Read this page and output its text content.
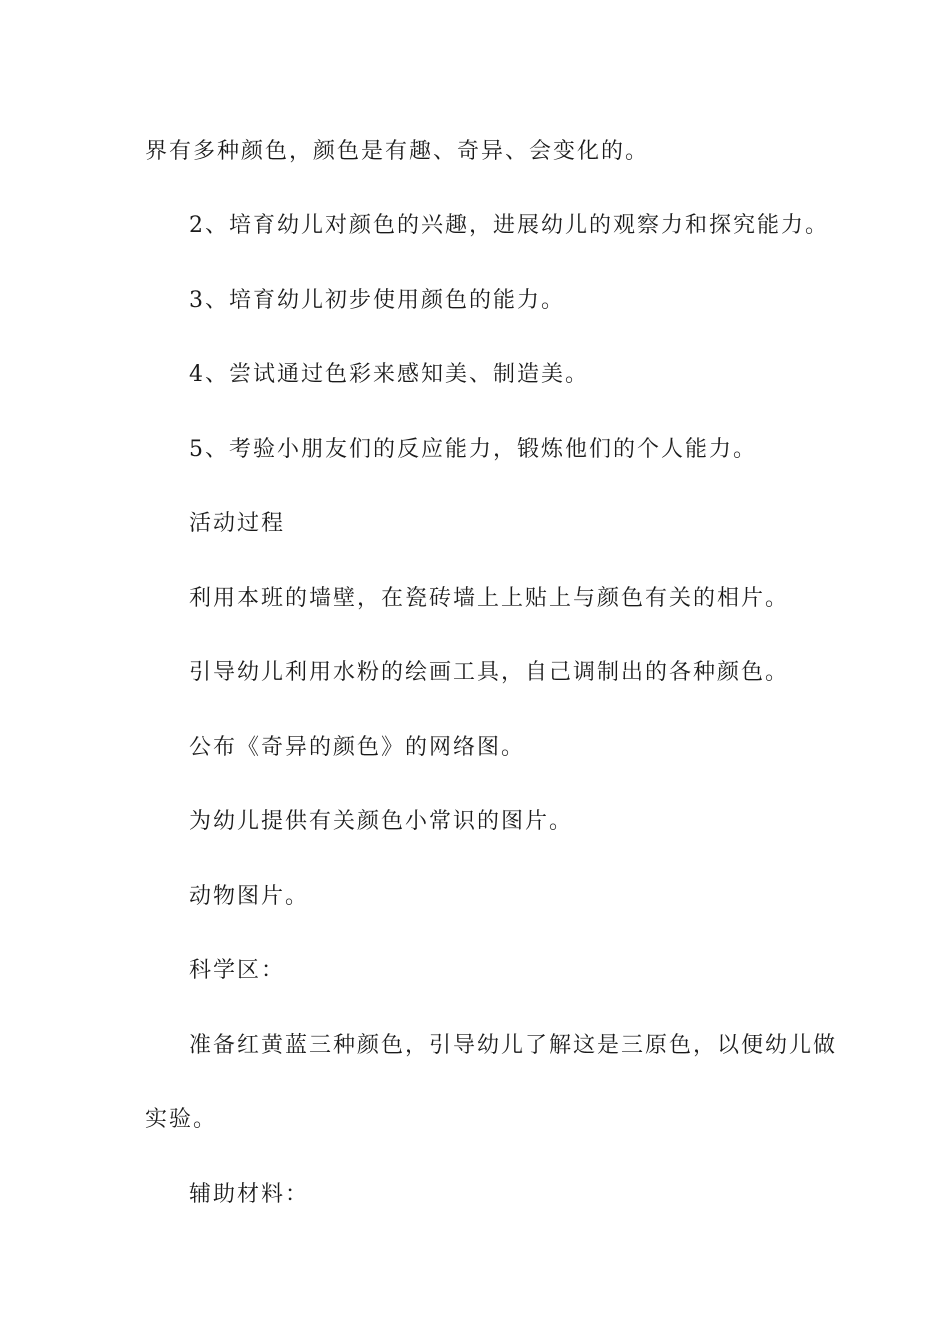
界有多种颜色，颜色是有趣、奇异、会变化的。
2、培育幼儿对颜色的兴趣，进展幼儿的观察力和探究能力。
3、培育幼儿初步使用颜色的能力。
4、尝试通过色彩来感知美、制造美。
5、考验小朋友们的反应能力，锻炼他们的个人能力。
活动过程
利用本班的墙壁，在瓷砖墙上上贴上与颜色有关的相片。
引导幼儿利用水粉的绘画工具，自己调制出的各种颜色。
公布《奇异的颜色》的网络图。
为幼儿提供有关颜色小常识的图片。
动物图片。
科学区：
准备红黄蓝三种颜色，引导幼儿了解这是三原色，以便幼儿做
实验。
辅助材料：
